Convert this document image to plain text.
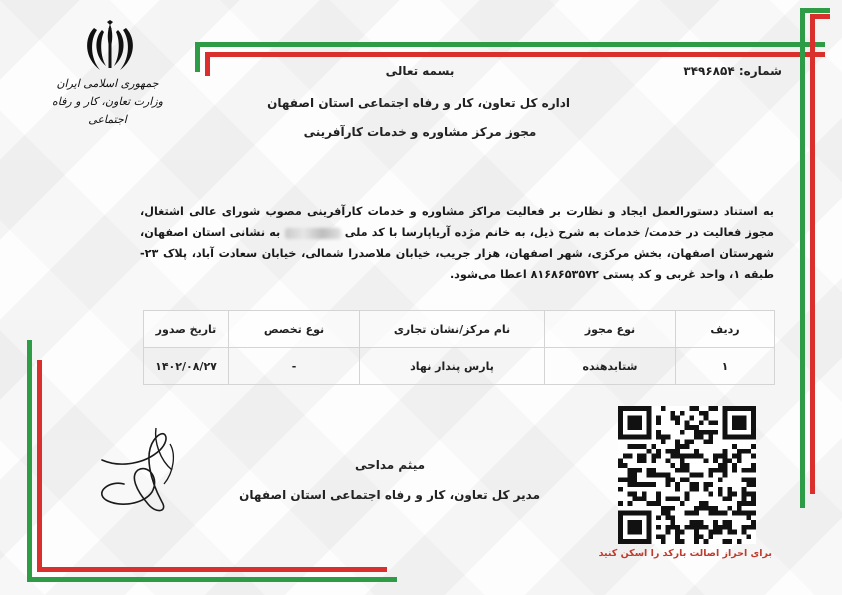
جمهوری اسلامی ایران
وزارت تعاون، کار و رفاه اجتماعی
شماره: ۳۴۹۶۸۵۴
بسمه تعالی
اداره کل تعاون، کار و رفاه اجتماعی استان اصفهان
مجوز مرکز مشاوره و خدمات کارآفرینی
به استناد دستورالعمل ایجاد و نظارت بر فعالیت مراکز مشاوره و خدمات کارآفرینی مصوب شورای عالی اشتغال، مجوز فعالیت در خدمت/ خدمات به شرح ذیل، به خانم مژده آریاپارسا با کد ملی  به نشانی استان اصفهان، شهرستان اصفهان، بخش مرکزی، شهر اصفهان، هزار جریب، خیابان ملاصدرا شمالی، خیابان سعادت آباد، پلاک ۲۳- طبقه ۱، واحد غربی و کد پستی ۸۱۶۸۶۵۳۵۷۲ اعطا می‌شود.
ردیف	نوع مجوز	نام مرکز/نشان تجاری	نوع تخصص	تاریخ صدور
۱	شتابدهنده	پارس پندار نهاد	-	۱۴۰۲/۰۸/۲۷
میثم مداحی
مدیر کل تعاون، کار و رفاه اجتماعی استان اصفهان
برای احراز اصالت بارکد را اسکن کنید
